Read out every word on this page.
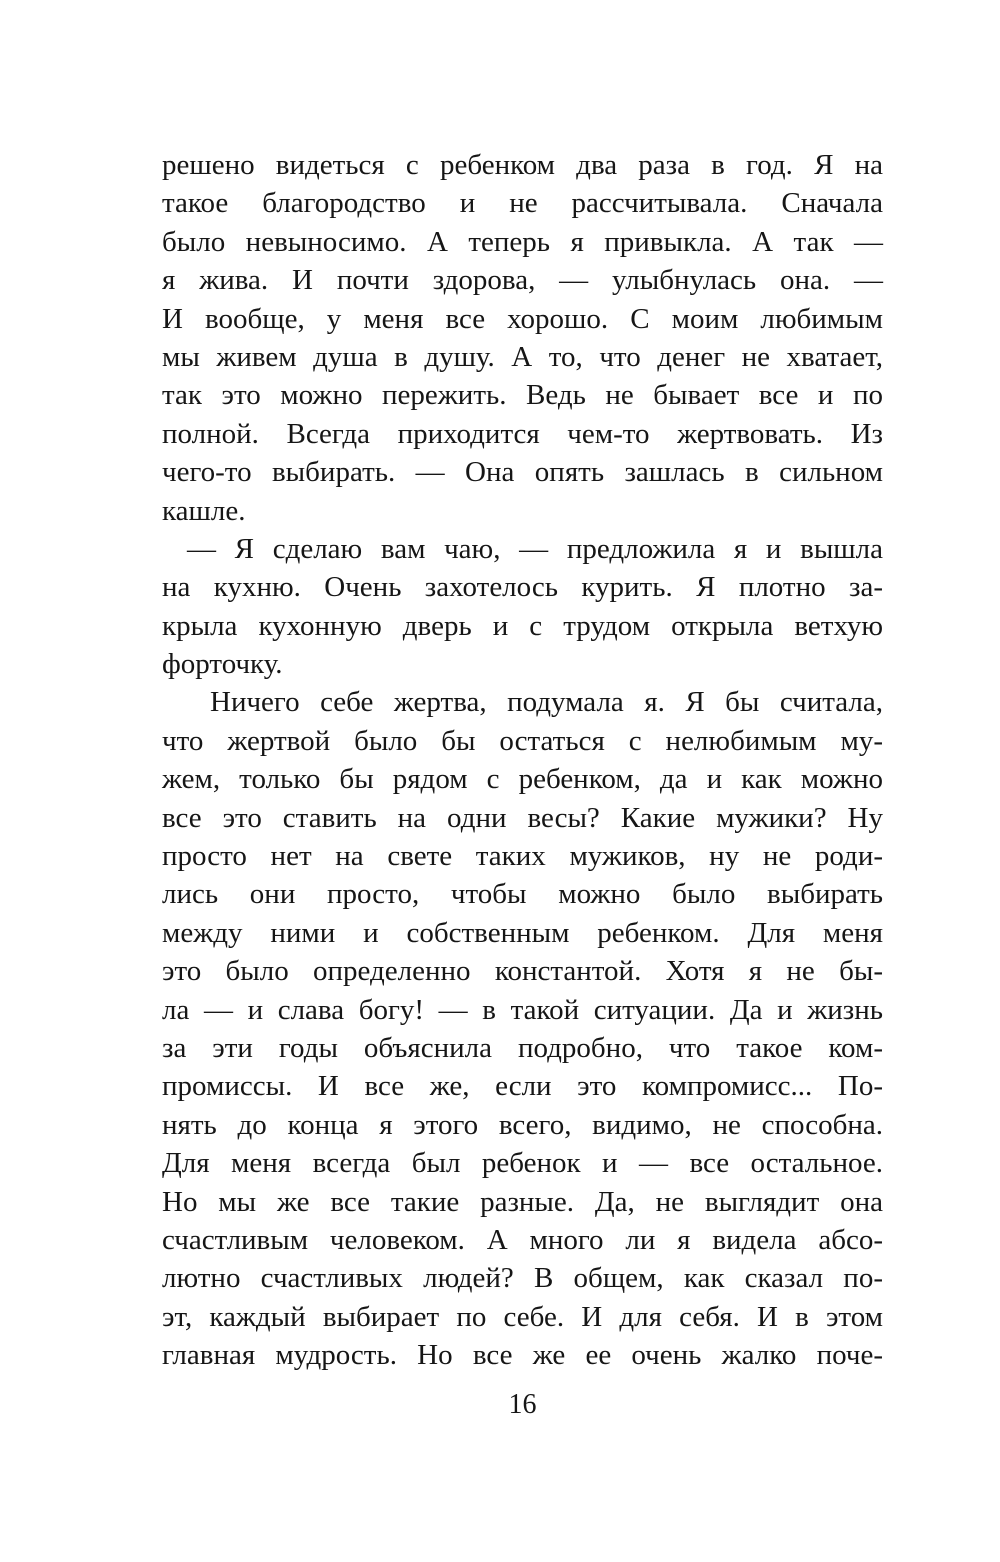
решено видеться с ребенком два раза в год. Я на
такое благородство и не рассчитывала. Сначала
было невыносимо. А теперь я привыкла. А так —
я жива. И почти здорова, — улыбнулась она. —
И вообще, у меня все хорошо. С моим любимым
мы живем душа в душу. А то, что денег не хватает,
так это можно пережить. Ведь не бывает все и по
полной. Всегда приходится чем-то жертвовать. Из
чего-то выбирать. — Она опять зашлась в сильном
кашле.
— Я сделаю вам чаю, — предложила я и вышла
на кухню. Очень захотелось курить. Я плотно за-
крыла кухонную дверь и с трудом открыла ветхую
форточку.
Ничего себе жертва, подумала я. Я бы считала,
что жертвой было бы остаться с нелюбимым му-
жем, только бы рядом с ребенком, да и как можно
все это ставить на одни весы? Какие мужики? Ну
просто нет на свете таких мужиков, ну не роди-
лись они просто, чтобы можно было выбирать
между ними и собственным ребенком. Для меня
это было определенно константой. Хотя я не бы-
ла — и слава богу! — в такой ситуации. Да и жизнь
за эти годы объяснила подробно, что такое ком-
промиссы. И все же, если это компромисс... По-
нять до конца я этого всего, видимо, не способна.
Для меня всегда был ребенок и — все остальное.
Но мы же все такие разные. Да, не выглядит она
счастливым человеком. А много ли я видела абсо-
лютно счастливых людей? В общем, как сказал по-
эт, каждый выбирает по себе. И для себя. И в этом
главная мудрость. Но все же ее очень жалко поче-
16
